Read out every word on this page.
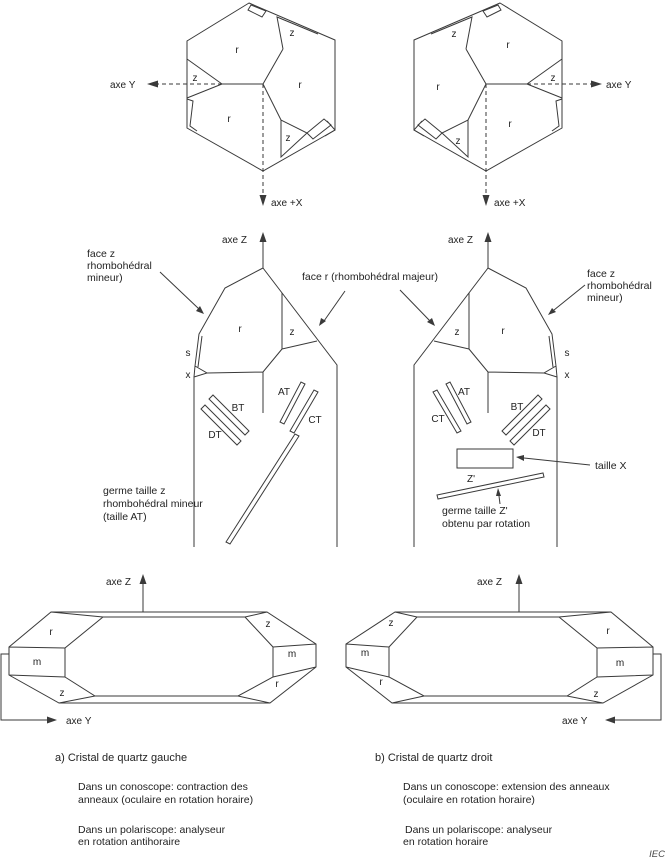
r
z
z
r
r
z
axe Y
axe +X
z
r
r
z
r
z
axe Y
axe +X
axe Z
r	z
s
x
AT
BT
CT
DT
germe taille z
rhombohédral mineur
(taille AT)
axe Z
z	r
s
x
AT
CT
BT
DT
taille X
Z'
germe taille Z'
obtenu par rotation
face z
rhombohédral
mineur)	face r (rhombohédral majeur)	face z
rhombohédral
mineur)
axe Z
axe Y
r
m
z
z
m
r
axe Z
axe Y
z
m
r
r
m
z
a) Cristal de quartz gauche
Dans un conoscope: contraction des
anneaux (oculaire en rotation horaire)
Dans un polariscope: analyseur
en rotation antihoraire
b) Cristal de quartz droit
Dans un conoscope: extension des anneaux
(oculaire en rotation horaire)
Dans un polariscope: analyseur
en rotation horaire
IEC
